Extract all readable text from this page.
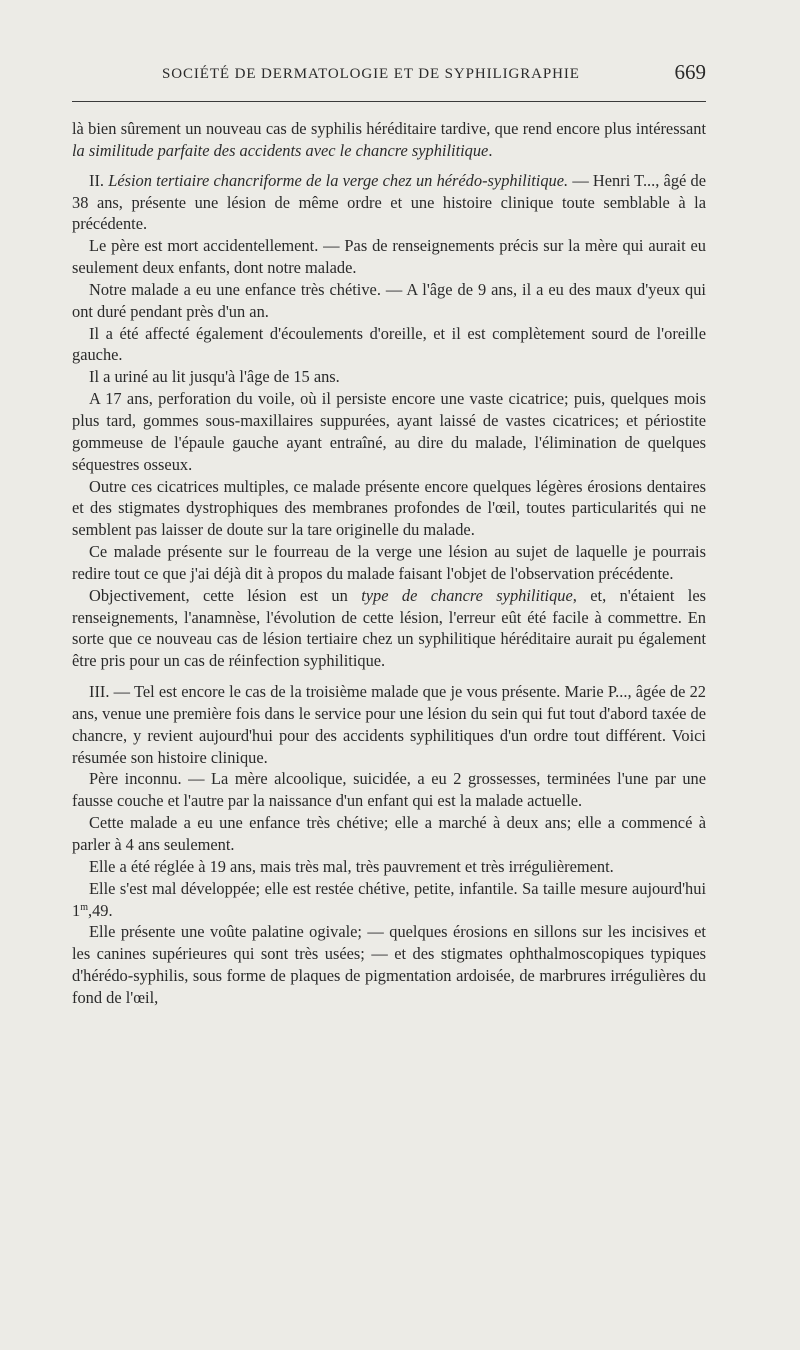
SOCIÉTÉ DE DERMATOLOGIE ET DE SYPHILIGRAPHIE	669

là bien sûrement un nouveau cas de syphilis héréditaire tardive, que rend encore plus intéressant la similitude parfaite des accidents avec le chancre syphilitique.

II. Lésion tertiaire chancriforme de la verge chez un hérédo-syphilitique. — Henri T..., âgé de 38 ans, présente une lésion de même ordre et une histoire clinique toute semblable à la précédente.

Le père est mort accidentellement. — Pas de renseignements précis sur la mère qui aurait eu seulement deux enfants, dont notre malade.

Notre malade a eu une enfance très chétive. — A l'âge de 9 ans, il a eu des maux d'yeux qui ont duré pendant près d'un an.

Il a été affecté également d'écoulements d'oreille, et il est complètement sourd de l'oreille gauche.

Il a uriné au lit jusqu'à l'âge de 15 ans.

A 17 ans, perforation du voile, où il persiste encore une vaste cicatrice; puis, quelques mois plus tard, gommes sous-maxillaires suppurées, ayant laissé de vastes cicatrices; et périostite gommeuse de l'épaule gauche ayant entraîné, au dire du malade, l'élimination de quelques séquestres osseux.

Outre ces cicatrices multiples, ce malade présente encore quelques légères érosions dentaires et des stigmates dystrophiques des membranes profondes de l'œil, toutes particularités qui ne semblent pas laisser de doute sur la tare originelle du malade.

Ce malade présente sur le fourreau de la verge une lésion au sujet de laquelle je pourrais redire tout ce que j'ai déjà dit à propos du malade faisant l'objet de l'observation précédente.

Objectivement, cette lésion est un type de chancre syphilitique, et, n'étaient les renseignements, l'anamnèse, l'évolution de cette lésion, l'erreur eût été facile à commettre. En sorte que ce nouveau cas de lésion tertiaire chez un syphilitique héréditaire aurait pu également être pris pour un cas de réinfection syphilitique.

III. — Tel est encore le cas de la troisième malade que je vous présente. Marie P..., âgée de 22 ans, venue une première fois dans le service pour une lésion du sein qui fut tout d'abord taxée de chancre, y revient aujourd'hui pour des accidents syphilitiques d'un ordre tout différent. Voici résumée son histoire clinique.

Père inconnu. — La mère alcoolique, suicidée, a eu 2 grossesses, terminées l'une par une fausse couche et l'autre par la naissance d'un enfant qui est la malade actuelle.

Cette malade a eu une enfance très chétive; elle a marché à deux ans; elle a commencé à parler à 4 ans seulement.

Elle a été réglée à 19 ans, mais très mal, très pauvrement et très irrégulièrement.

Elle s'est mal développée; elle est restée chétive, petite, infantile. Sa taille mesure aujourd'hui 1$^m$,49.

Elle présente une voûte palatine ogivale; — quelques érosions en sillons sur les incisives et les canines supérieures qui sont très usées; — et des stigmates ophthalmoscopiques typiques d'hérédo-syphilis, sous forme de plaques de pigmentation ardoisée, de marbrures irrégulières du fond de l'œil,
